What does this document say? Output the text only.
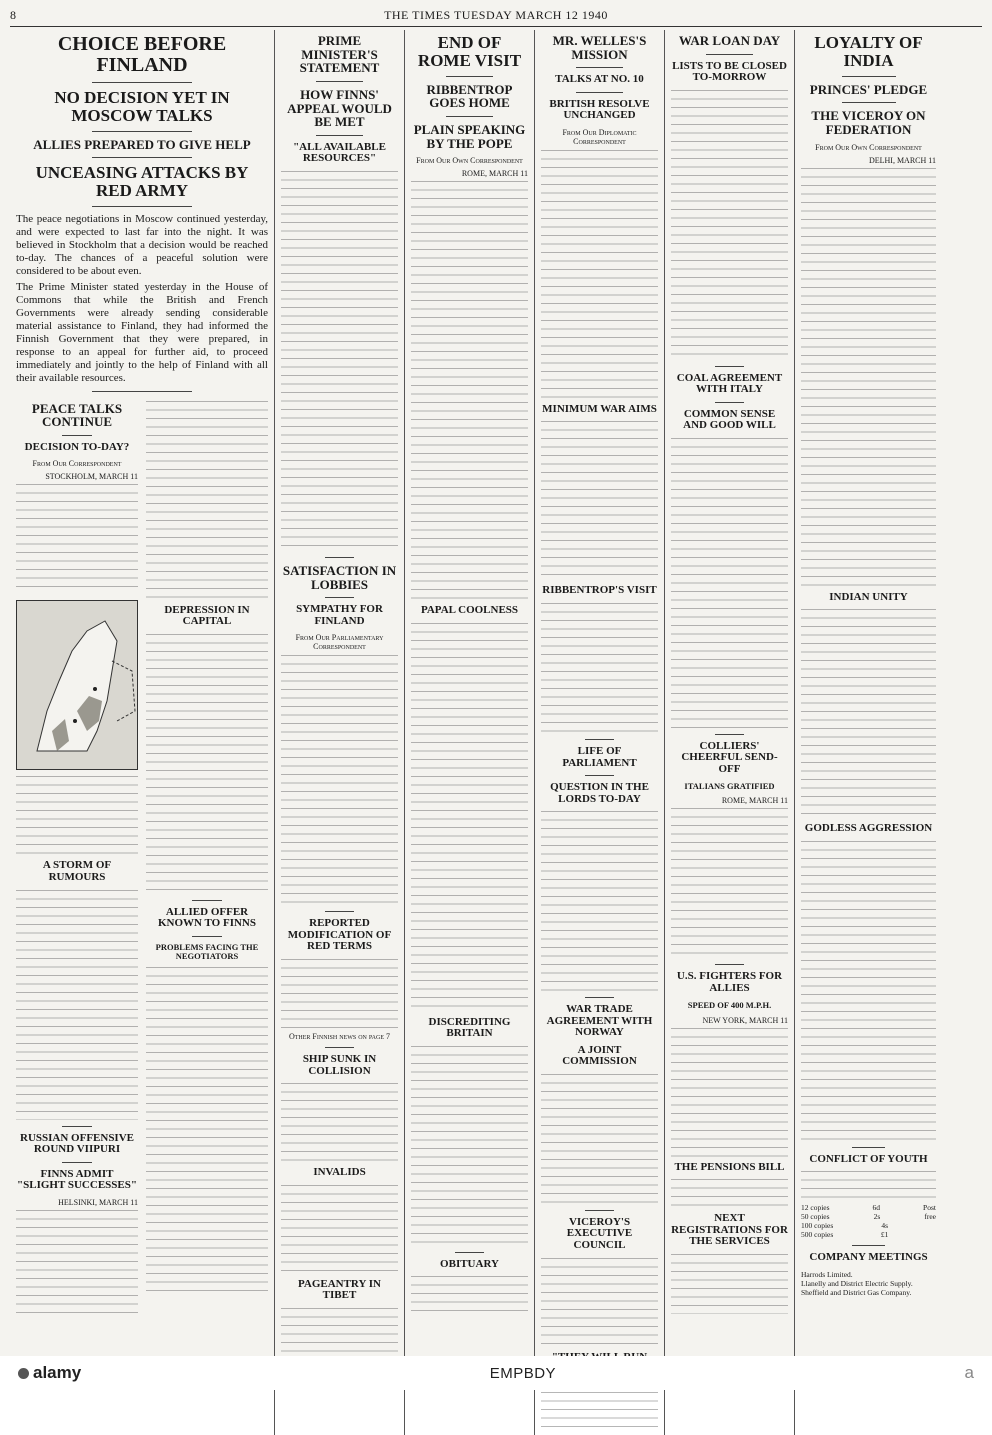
8	THE TIMES TUESDAY MARCH 12 1940
CHOICE BEFORE FINLAND
NO DECISION YET IN MOSCOW TALKS
ALLIES PREPARED TO GIVE HELP
UNCEASING ATTACKS BY RED ARMY

The peace negotiations in Moscow continued yesterday, and were expected to last far into the night. It was believed in Stockholm that a decision would be reached to-day. The chances of a peaceful solution were considered to be about even.

The Prime Minister stated yesterday in the House of Commons that while the British and French Governments were already sending considerable material assistance to Finland, they had informed the Finnish Government that they were prepared, in response to an appeal for further aid, to proceed immediately and jointly to the help of Finland with all their available resources.

PEACE TALKS CONTINUE
DECISION TO-DAY?
From Our Correspondent
STOCKHOLM, MARCH 11
A STORM OF RUMOURS
RUSSIAN OFFENSIVE ROUND VIIPURI
FINNS ADMIT "SLIGHT SUCCESSES"
HELSINKI, MARCH 11
DEPRESSION IN CAPITAL
ALLIED OFFER KNOWN TO FINNS
PROBLEMS FACING THE NEGOTIATORS
PRIME MINISTER'S STATEMENT
HOW FINNS' APPEAL WOULD BE MET
"ALL AVAILABLE RESOURCES"
SATISFACTION IN LOBBIES
SYMPATHY FOR FINLAND
From Our Parliamentary Correspondent
REPORTED MODIFICATION OF RED TERMS
Other Finnish news on page 7
SHIP SUNK IN COLLISION
INVALIDS
PAGEANTRY IN TIBET
END OF ROME VISIT
RIBBENTROP GOES HOME
PLAIN SPEAKING BY THE POPE
From Our Own Correspondent
ROME, MARCH 11
PAPAL COOLNESS
DISCREDITING BRITAIN
OBITUARY
MR. WELLES'S MISSION
TALKS AT NO. 10
BRITISH RESOLVE UNCHANGED
From Our Diplomatic Correspondent
MINIMUM WAR AIMS
RIBBENTROP'S VISIT
LIFE OF PARLIAMENT
QUESTION IN THE LORDS TO-DAY
WAR TRADE AGREEMENT WITH NORWAY
A JOINT COMMISSION
VICEROY'S EXECUTIVE COUNCIL
WAR LOAN DAY
LISTS TO BE CLOSED TO-MORROW
COAL AGREEMENT WITH ITALY
COMMON SENSE AND GOOD WILL
COLLIERS' CHEERFUL SEND-OFF
ITALIANS GRATIFIED
ROME, MARCH 11
U.S. FIGHTERS FOR ALLIES
SPEED OF 400 M.P.H.
NEW YORK, MARCH 11
THE PENSIONS BILL
NEXT REGISTRATIONS FOR THE SERVICES
LOYALTY OF INDIA
PRINCES' PLEDGE
THE VICEROY ON FEDERATION
From Our Own Correspondent
DELHI, MARCH 11
INDIAN UNITY
GODLESS AGGRESSION
CONFLICT OF YOUTH
12 copies	6d	Post
50 copies	2s	free
100 copies	4s
500 copies	£1
COMPANY MEETINGS
Harrods Limited.
Llanelly and District Electric Supply.
Sheffield and District Gas Company.
alamy	EMPBDY	a
